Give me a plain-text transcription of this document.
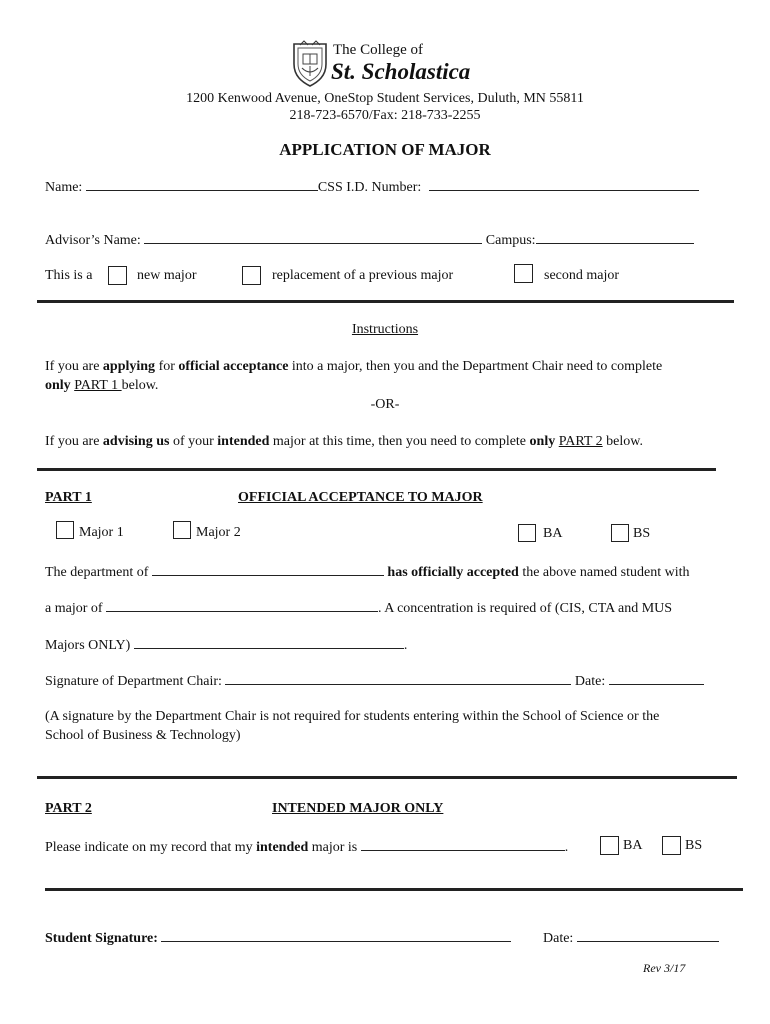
The College of
St. Scholastica
1200 Kenwood Avenue, OneStop Student Services, Duluth, MN 55811
218-723-6570/Fax: 218-733-2255
APPLICATION OF MAJOR
Name:	CSS I.D. Number:
Advisor’s Name:	Campus:
This is a	new major	replacement of a previous major	second major
Instructions
If you are applying for official acceptance into a major, then you and the Department Chair need to complete
only PART 1 below.
-OR-
If you are advising us of your intended major at this time, then you need to complete only PART 2 below.
PART 1	OFFICIAL ACCEPTANCE TO MAJOR
Major 1	Major 2	BA	BS
The department of	has officially accepted the above named student with
a major of	. A concentration is required of (CIS, CTA and MUS
Majors ONLY)	.
Signature of Department Chair:	Date:
(A signature by the Department Chair is not required for students entering within the School of Science or the
School of Business & Technology)
PART 2	INTENDED MAJOR ONLY
Please indicate on my record that my intended major is	.	BA	BS
Student Signature:	Date:
Rev 3/17
